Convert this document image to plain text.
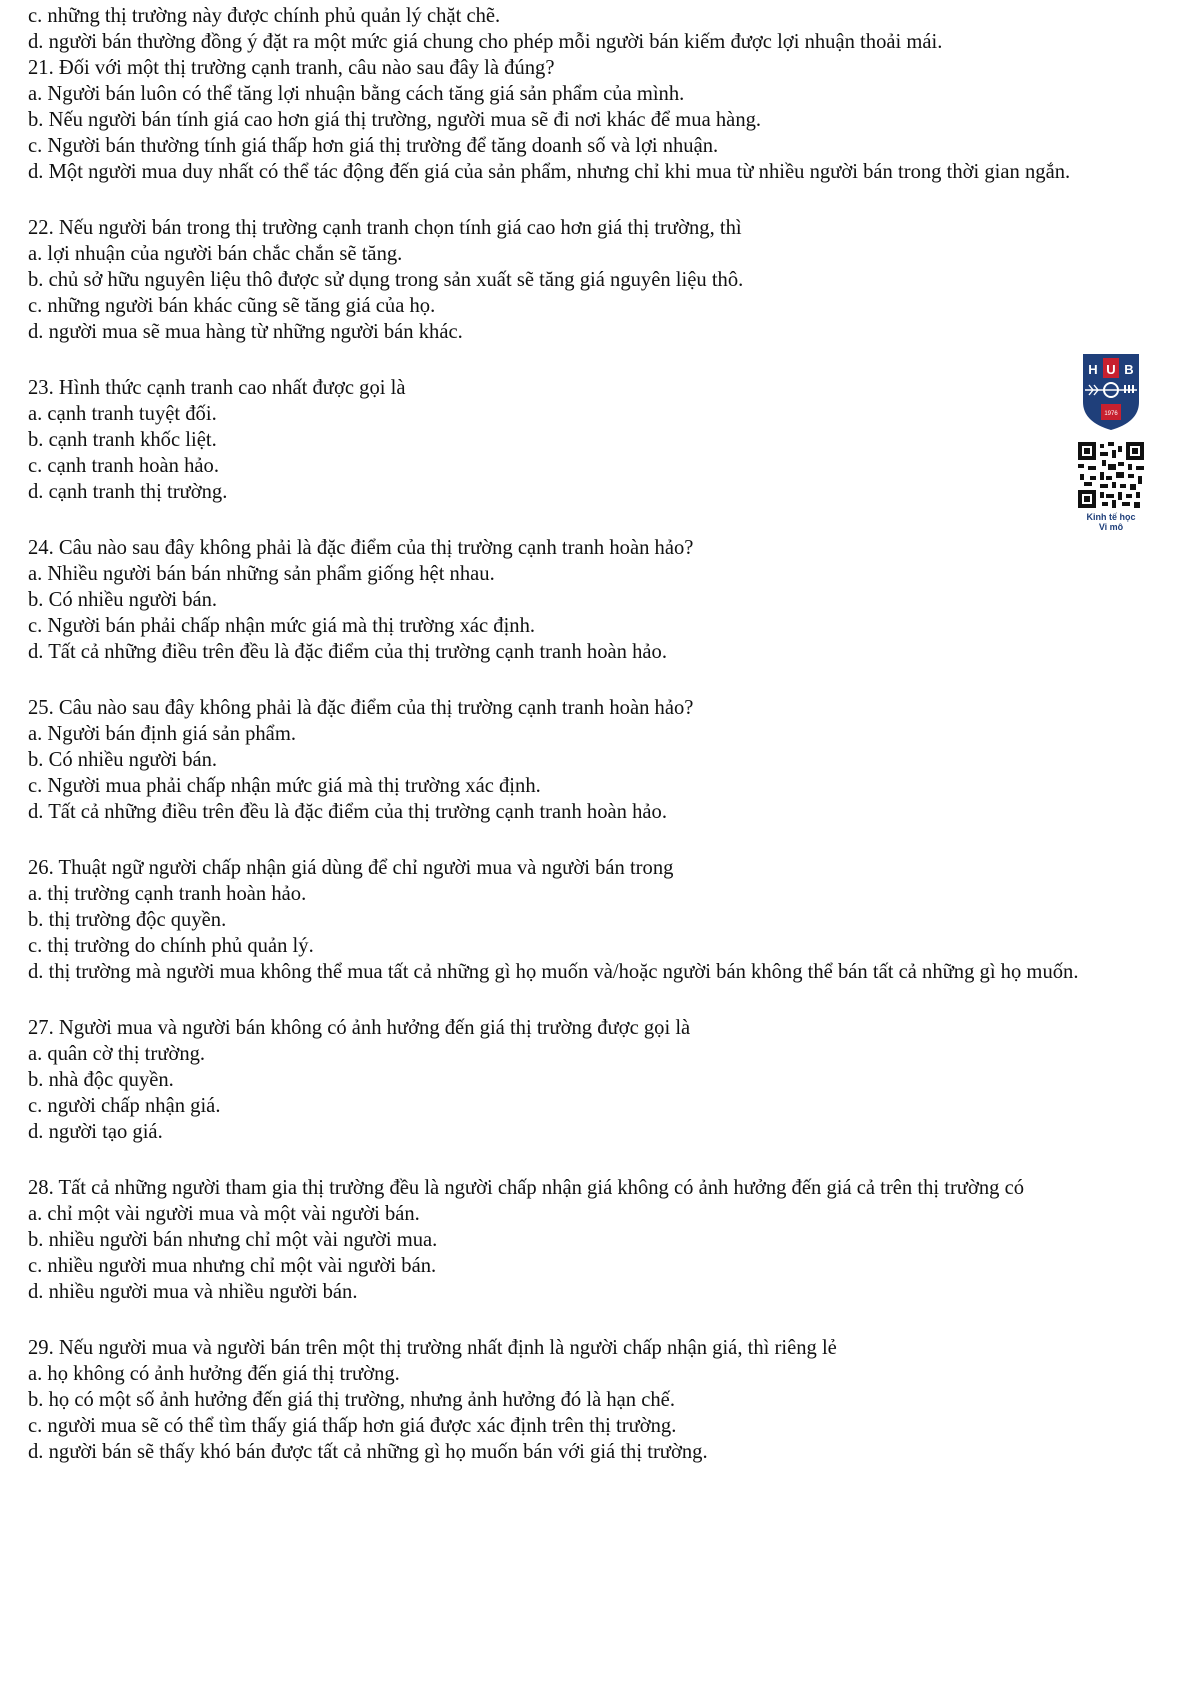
c. những thị trường này được chính phủ quản lý chặt chẽ.

d. người bán thường đồng ý đặt ra một mức giá chung cho phép mỗi người bán kiếm được lợi nhuận thoải mái.

21. Đối với một thị trường cạnh tranh, câu nào sau đây là đúng?

a. Người bán luôn có thể tăng lợi nhuận bằng cách tăng giá sản phẩm của mình.

b. Nếu người bán tính giá cao hơn giá thị trường, người mua sẽ đi nơi khác để mua hàng.

c. Người bán thường tính giá thấp hơn giá thị trường để tăng doanh số và lợi nhuận.

d. Một người mua duy nhất có thể tác động đến giá của sản phẩm, nhưng chỉ khi mua từ nhiều người bán trong thời gian ngắn.

22. Nếu người bán trong thị trường cạnh tranh chọn tính giá cao hơn giá thị trường, thì

a. lợi nhuận của người bán chắc chắn sẽ tăng.

b. chủ sở hữu nguyên liệu thô được sử dụng trong sản xuất sẽ tăng giá nguyên liệu thô.

c. những người bán khác cũng sẽ tăng giá của họ.

d. người mua sẽ mua hàng từ những người bán khác.

23. Hình thức cạnh tranh cao nhất được gọi là

a. cạnh tranh tuyệt đối.

b. cạnh tranh khốc liệt.

c. cạnh tranh hoàn hảo.

d. cạnh tranh thị trường.

24. Câu nào sau đây không phải là đặc điểm của thị trường cạnh tranh hoàn hảo?

a. Nhiều người bán bán những sản phẩm giống hệt nhau.

b. Có nhiều người bán.

c. Người bán phải chấp nhận mức giá mà thị trường xác định.

d. Tất cả những điều trên đều là đặc điểm của thị trường cạnh tranh hoàn hảo.

25. Câu nào sau đây không phải là đặc điểm của thị trường cạnh tranh hoàn hảo?

a. Người bán định giá sản phẩm.

b. Có nhiều người bán.

c. Người mua phải chấp nhận mức giá mà thị trường xác định.

d. Tất cả những điều trên đều là đặc điểm của thị trường cạnh tranh hoàn hảo.

26. Thuật ngữ người chấp nhận giá dùng để chỉ người mua và người bán trong

a. thị trường cạnh tranh hoàn hảo.

b. thị trường độc quyền.

c. thị trường do chính phủ quản lý.

d. thị trường mà người mua không thể mua tất cả những gì họ muốn và/hoặc người bán không thể bán tất cả những gì họ muốn.

27. Người mua và người bán không có ảnh hưởng đến giá thị trường được gọi là

a. quân cờ thị trường.

b. nhà độc quyền.

c. người chấp nhận giá.

d. người tạo giá.

28. Tất cả những người tham gia thị trường đều là người chấp nhận giá không có ảnh hưởng đến giá cả trên thị trường có

a. chỉ một vài người mua và một vài người bán.

b. nhiều người bán nhưng chỉ một vài người mua.

c. nhiều người mua nhưng chỉ một vài người bán.

d. nhiều người mua và nhiều người bán.

29. Nếu người mua và người bán trên một thị trường nhất định là người chấp nhận giá, thì riêng lẻ

a. họ không có ảnh hưởng đến giá thị trường.

b. họ có một số ảnh hưởng đến giá thị trường, nhưng ảnh hưởng đó là hạn chế.

c. người mua sẽ có thể tìm thấy giá thấp hơn giá được xác định trên thị trường.

d. người bán sẽ thấy khó bán được tất cả những gì họ muốn bán với giá thị trường.

H U B
1976
Kinh tế học
Vi mô
